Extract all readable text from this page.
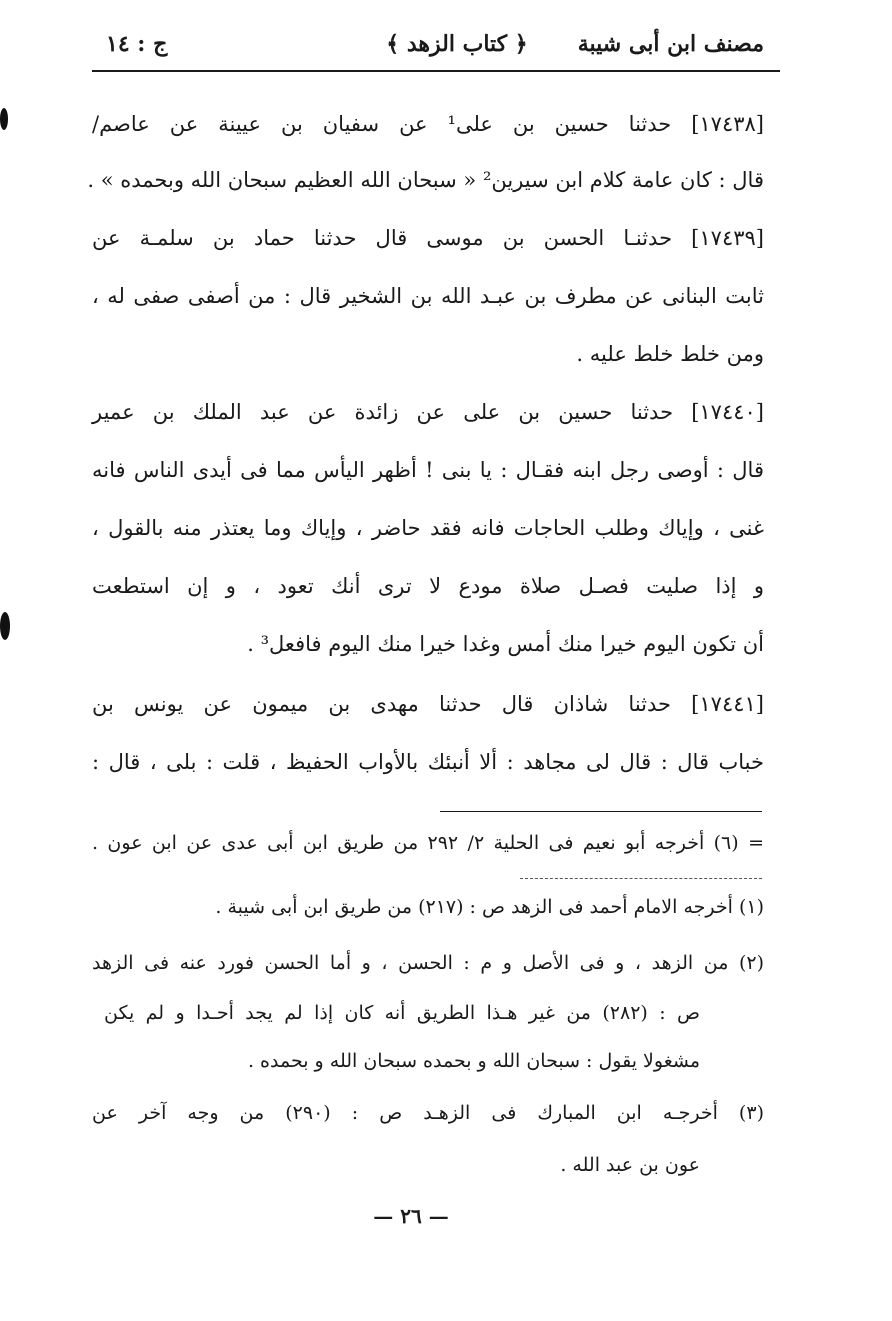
مصنف ابن أبى شيبة
﴿ كتاب الزهد ﴾
ج : ١٤
[١٧٤٣٨] حدثنا حسين بن على¹ عن سفيان بن عيينة عن عاصم/
قال : كان عامة كلام ابن سيرين² « سبحان الله العظيم سبحان الله وبحمده » .
[١٧٤٣٩] حدثنـا الحسن بن موسى قال حدثنا حماد بن سلمـة عن
ثابت البنانى عن مطرف بن عبـد الله بن الشخير قال : من أصفى صفى له ،
ومن خلط خلط عليه .
[١٧٤٤٠] حدثنا حسين بن على عن زائدة عن عبد الملك بن عمير
قال : أوصى رجل ابنه فقـال : يا بنى ! أظهر اليأس مما فى أيدى الناس فانه
غنى ، وإياك وطلب الحاجات فانه فقد حاضر ، وإياك وما يعتذر منه بالقول ،
و إذا صليت فصـل صلاة مودع لا ترى أنك تعود ، و إن استطعت
أن تكون اليوم خيرا منك أمس وغدا خيرا منك اليوم فافعل³ .
[١٧٤٤١] حدثنا شاذان قال حدثنا مهدى بن ميمون عن يونس بن
خباب قال : قال لى مجاهد : ألا أنبئك بالأواب الحفيظ ، قلت : بلى ، قال :
= (٦) أخرجه أبو نعيم فى الحلية ٢/ ٢٩٢ من طريق ابن أبى عدى عن ابن عون .
(١) أخرجه الامام أحمد فى الزهد ص : (٢١٧) من طريق ابن أبى شيبة .
(٢) من الزهد ، و فى الأصل و م : الحسن ، و أما الحسن فورد عنه فى الزهد
ص : (٢٨٢) من غير هـذا الطريق أنه كان إذا لم يجد أحـدا و لم يكن
مشغولا يقول : سبحان الله و بحمده سبحان الله و بحمده .
(٣) أخرجـه ابن المبارك فى الزهـد ص : (٢٩٠) من وجه آخر عن
عون بن عبد الله .
— ٢٦ —
